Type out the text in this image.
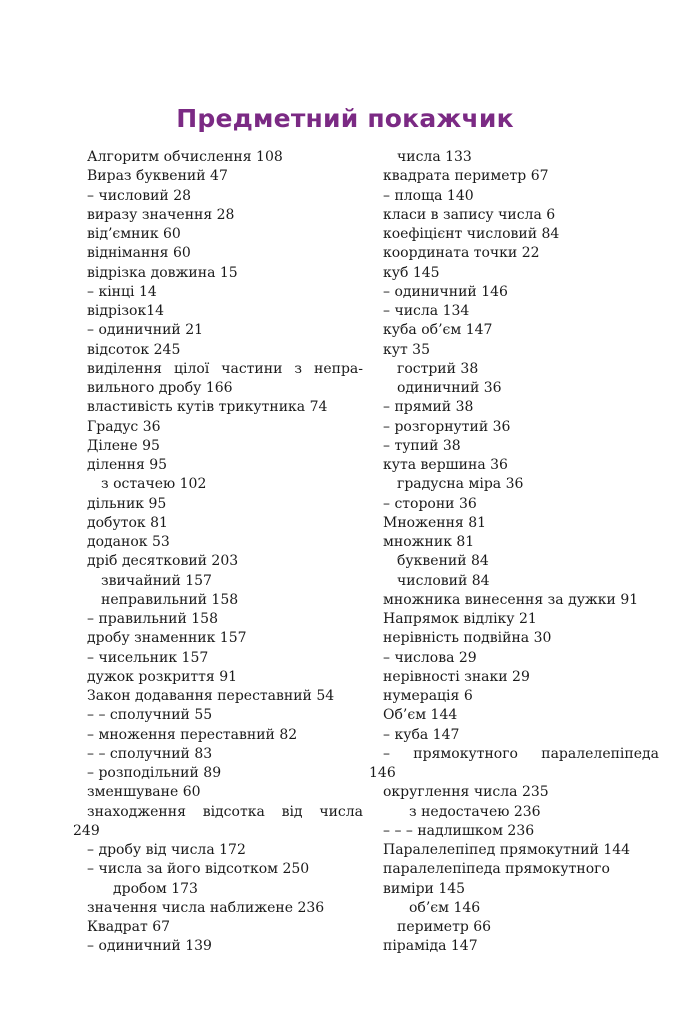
Предметний покажчик
Алгоритм обчислення 108
Вираз буквений 47
– числовий 28
виразу значення 28
від’ємник 60
віднімання 60
відрізка довжина 15
– кінці 14
відрізок14
– одиничний 21
відсоток 245
виділення цілої частини з непра-
вильного дробу 166
властивість кутів трикутника 74
Градус 36
Ділене 95
ділення 95
з остачею 102
дільник 95
добуток 81
доданок 53
дріб десятковий 203
звичайний 157
неправильний 158
– правильний 158
дробу знаменник 157
– чисельник 157
дужок розкриття 91
Закон додавання переставний 54
– – сполучний 55
– множення переставний 82
– – сполучний 83
– розподільний 89
зменшуване 60
знаходження відсотка від числа
249
– дробу від числа 172
– числа за його відсотком 250
дробом 173
значення числа наближене 236
Квадрат 67
– одиничний 139
числа 133
квадрата периметр 67
– площа 140
класи в запису числа 6
коефіцієнт числовий 84
координата точки 22
куб 145
– одиничний 146
– числа 134
куба об’єм 147
кут 35
гострий 38
одиничний 36
– прямий 38
– розгорнутий 36
– тупий 38
кута вершина 36
градусна міра 36
– сторони 36
Множення 81
множник 81
буквений 84
числовий 84
множника винесення за дужки 91
Напрямок відліку 21
нерівність подвійна 30
– числова 29
нерівності знаки 29
нумерація 6
Об’єм 144
– куба 147
– прямокутного паралелепіпеда
146
округлення числа 235
з недостачею 236
– – – надлишком 236
Паралелепіпед прямокутний 144
паралелепіпеда прямокутного
виміри 145
об’єм 146
периметр 66
піраміда 147
